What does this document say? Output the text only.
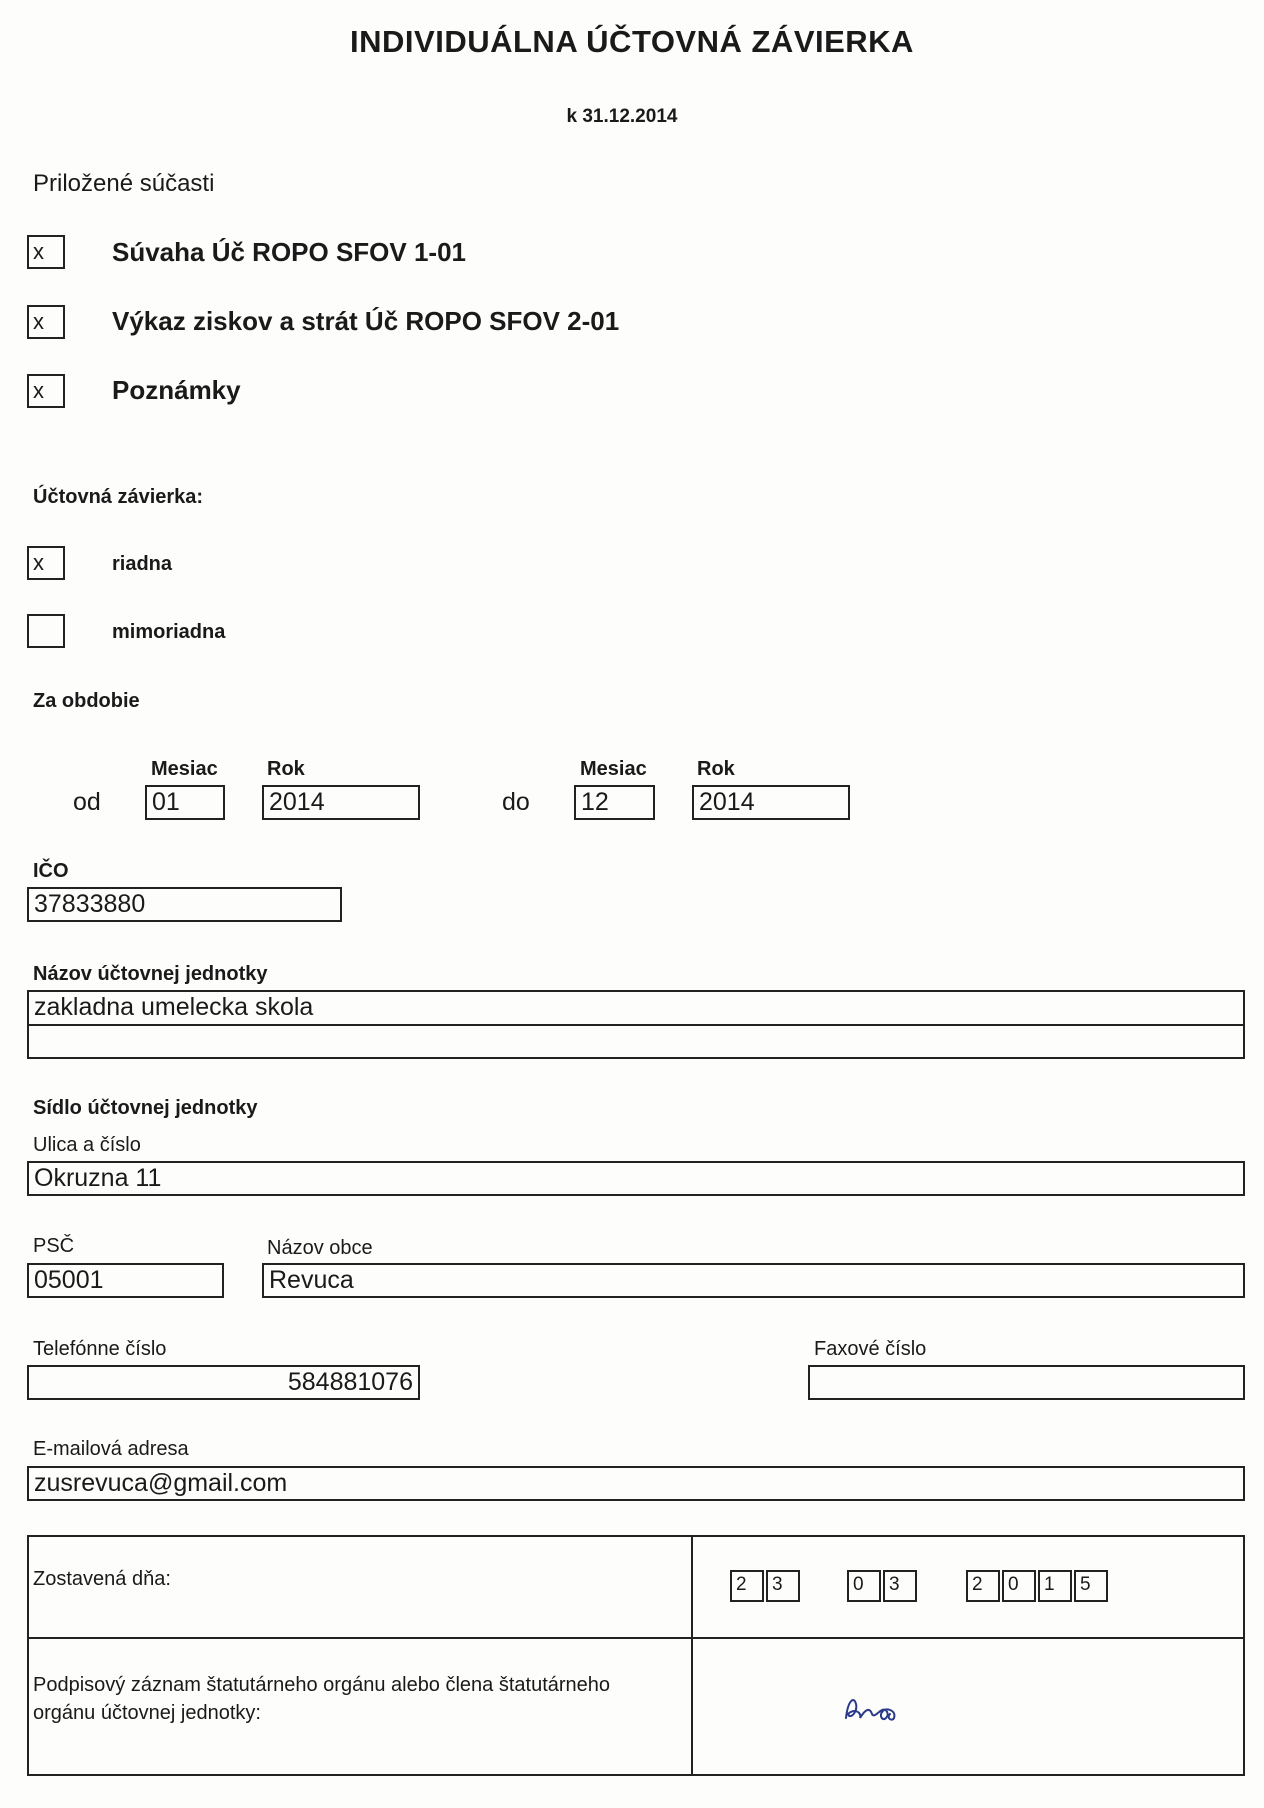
INDIVIDUÁLNA ÚČTOVNÁ ZÁVIERKA
k 31.12.2014
Priložené súčasti
x	Súvaha Úč ROPO SFOV 1-01
x	Výkaz ziskov a strát Úč ROPO SFOV 2-01
x	Poznámky
Účtovná závierka:
x	riadna
mimoriadna
Za obdobie
Mesiac Rok
od 01	2014
Mesiac	Rok
do 12	2014
IČO
37833880
Názov účtovnej jednotky
zakladna umelecka skola
Sídlo účtovnej jednotky
Ulica a číslo
Okruzna 11
PSČ
05001
Názov obce
Revuca
Telefónne číslo
584881076
Faxové číslo
E-mailová adresa
zusrevuca@gmail.com
Zostavená dňa:	2	3	0	3	2	0	1	5
Podpisový záznam štatutárneho orgánu alebo člena štatutárneho
orgánu účtovnej jednotky:
